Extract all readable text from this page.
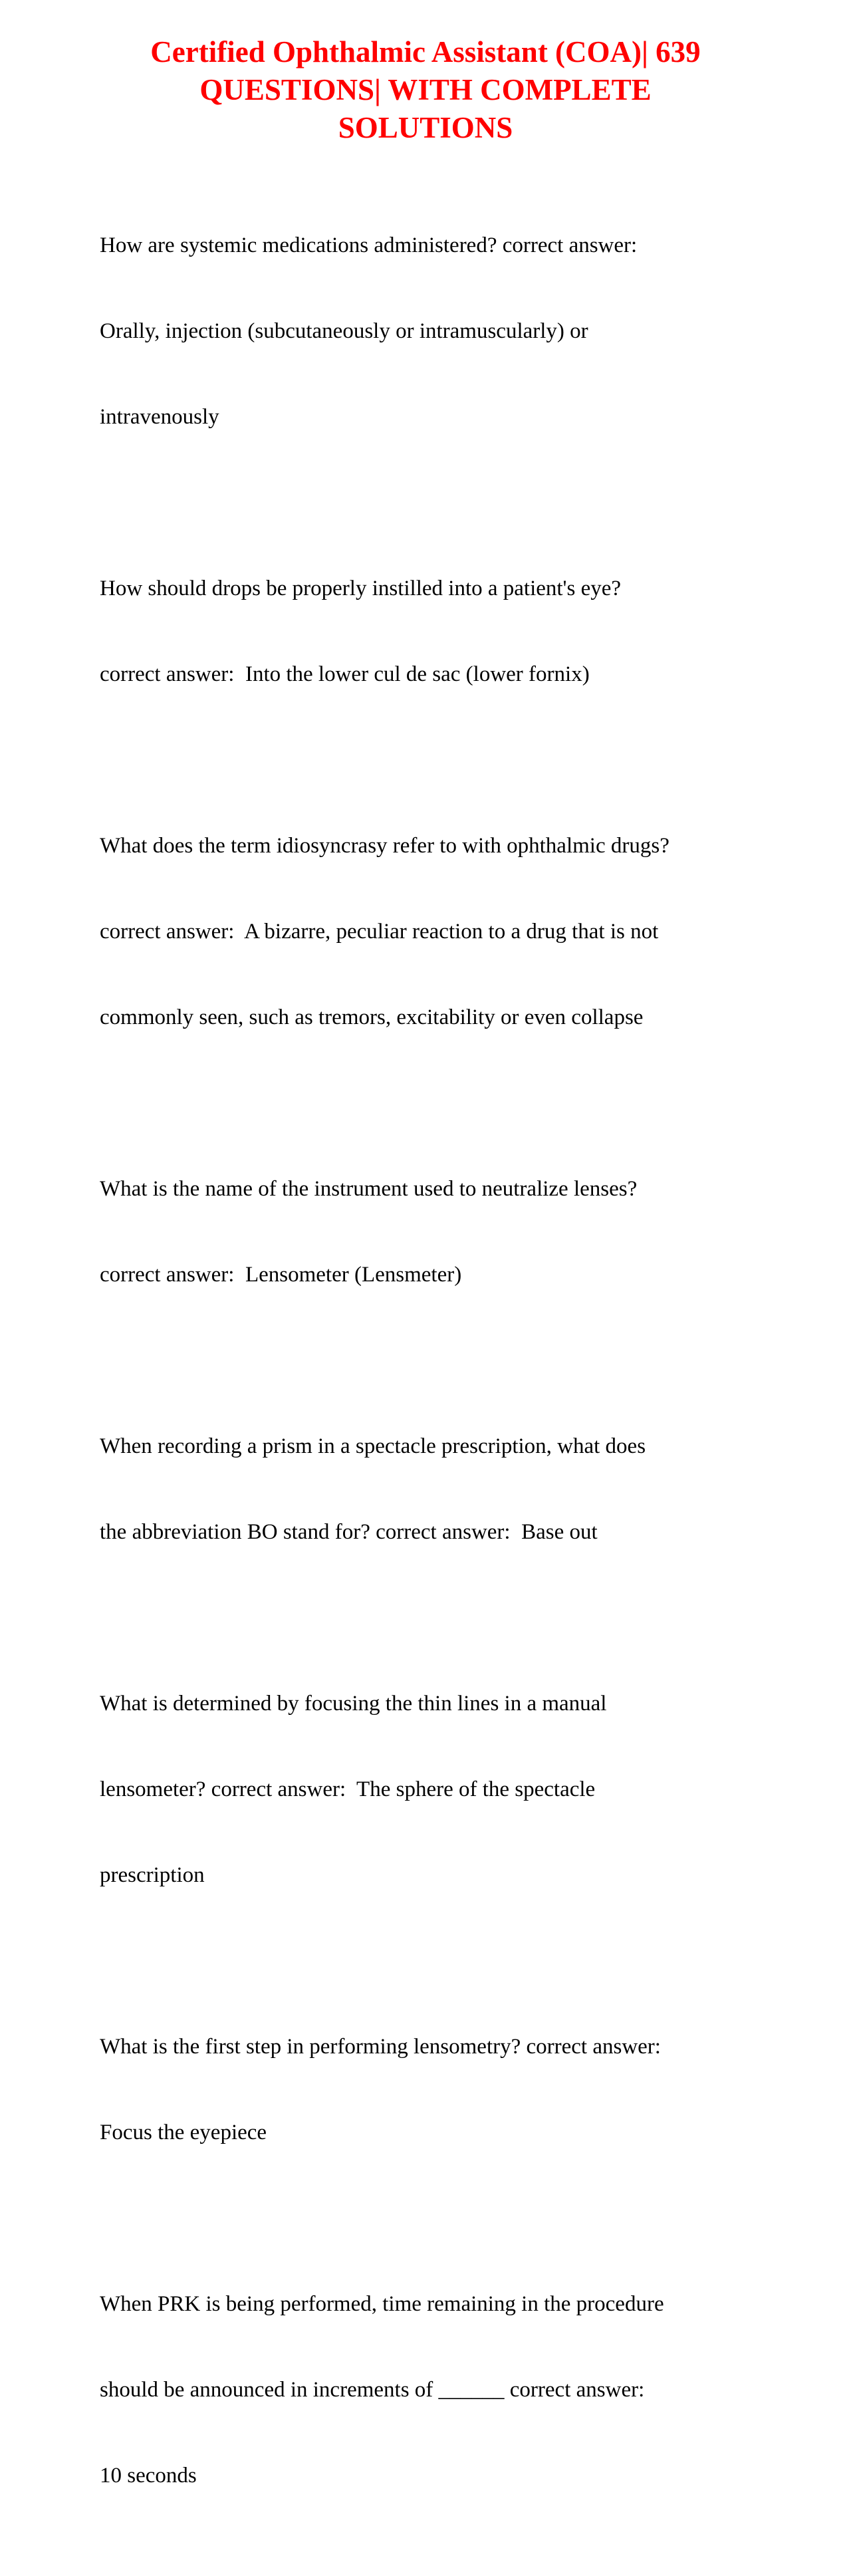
Certified Ophthalmic Assistant (COA)| 639
QUESTIONS| WITH COMPLETE
SOLUTIONS

How are systemic medications administered? correct answer:

Orally, injection (subcutaneously or intramuscularly) or

intravenously

How should drops be properly instilled into a patient's eye?

correct answer:  Into the lower cul de sac (lower fornix)

What does the term idiosyncrasy refer to with ophthalmic drugs?

correct answer:  A bizarre, peculiar reaction to a drug that is not

commonly seen, such as tremors, excitability or even collapse

What is the name of the instrument used to neutralize lenses?

correct answer:  Lensometer (Lensmeter)

When recording a prism in a spectacle prescription, what does

the abbreviation BO stand for? correct answer:  Base out

What is determined by focusing the thin lines in a manual

lensometer? correct answer:  The sphere of the spectacle

prescription

What is the first step in performing lensometry? correct answer:

Focus the eyepiece

When PRK is being performed, time remaining in the procedure

should be announced in increments of ______ correct answer:

10 seconds
